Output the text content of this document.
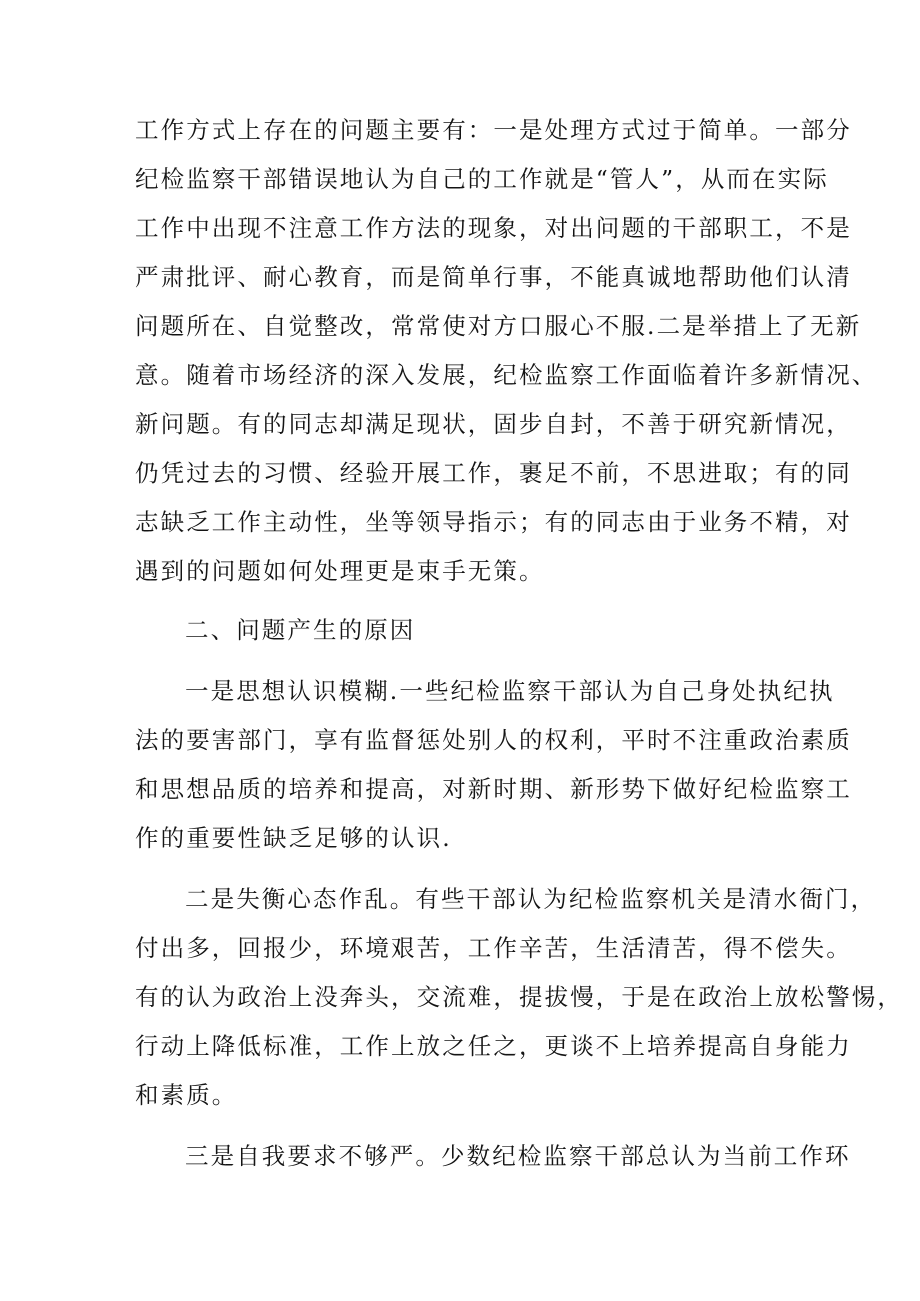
工作方式上存在的问题主要有：一是处理方式过于简单。一部分

纪检监察干部错误地认为自己的工作就是“管人”，从而在实际

工作中出现不注意工作方法的现象，对出问题的干部职工，不是

严肃批评、耐心教育，而是简单行事，不能真诚地帮助他们认清

问题所在、自觉整改，常常使对方口服心不服.二是举措上了无新

意。随着市场经济的深入发展，纪检监察工作面临着许多新情况、

新问题。有的同志却满足现状，固步自封，不善于研究新情况，

仍凭过去的习惯、经验开展工作，裹足不前，不思进取；有的同

志缺乏工作主动性，坐等领导指示；有的同志由于业务不精，对

遇到的问题如何处理更是束手无策。

二、问题产生的原因

一是思想认识模糊.一些纪检监察干部认为自己身处执纪执

法的要害部门，享有监督惩处别人的权利，平时不注重政治素质

和思想品质的培养和提高，对新时期、新形势下做好纪检监察工

作的重要性缺乏足够的认识.

二是失衡心态作乱。有些干部认为纪检监察机关是清水衙门，

付出多，回报少，环境艰苦，工作辛苦，生活清苦，得不偿失。

有的认为政治上没奔头，交流难，提拔慢，于是在政治上放松警惕，

行动上降低标准，工作上放之任之，更谈不上培养提高自身能力

和素质。

三是自我要求不够严。少数纪检监察干部总认为当前工作环
